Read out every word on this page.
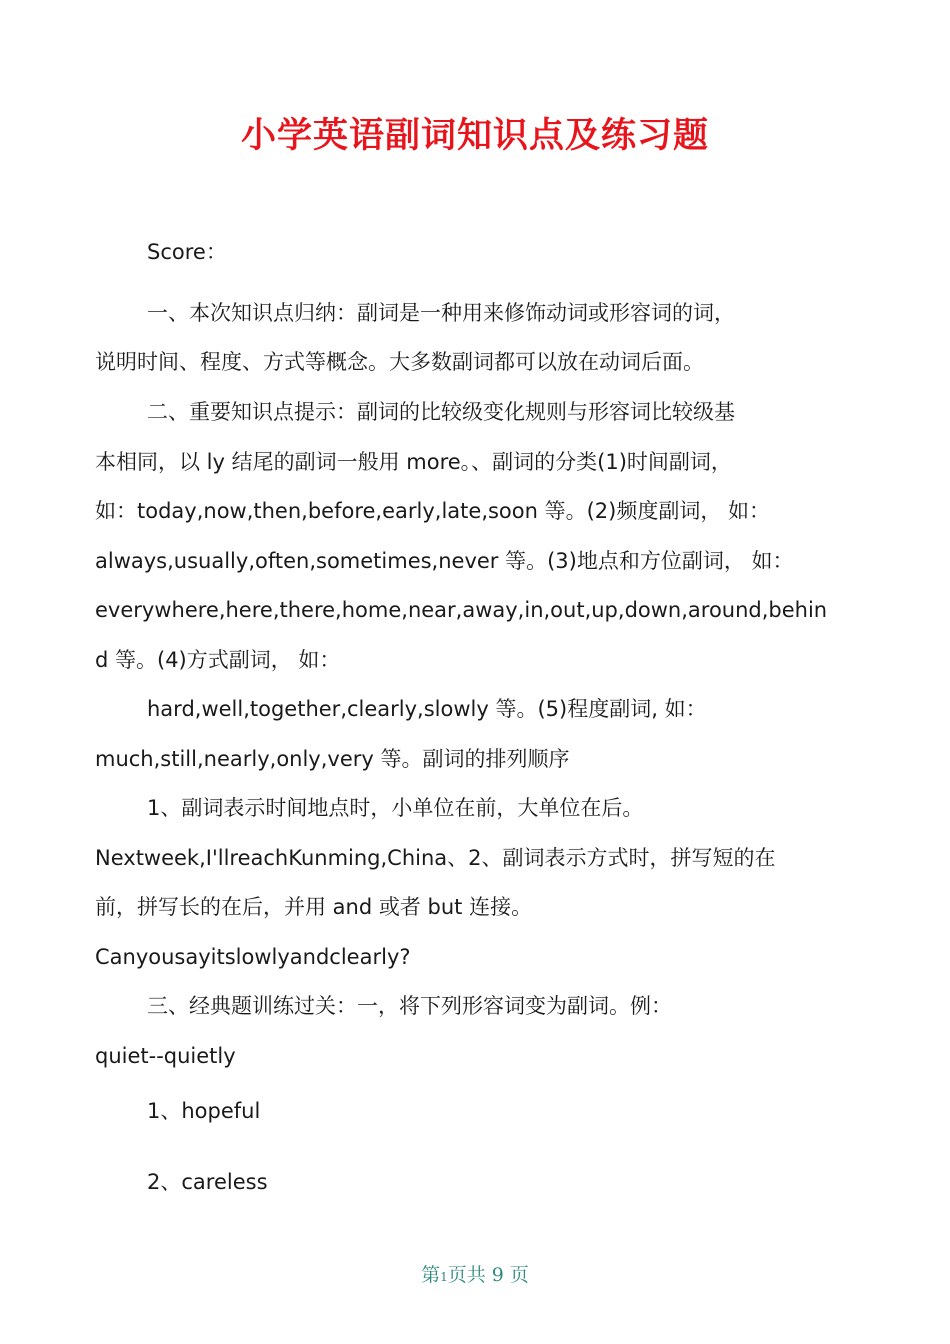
小学英语副词知识点及练习题
Score：
一、本次知识点归纳：副词是一种用来修饰动词或形容词的词，
说明时间、程度、方式等概念。大多数副词都可以放在动词后面。
二、重要知识点提示：副词的比较级变化规则与形容词比较级基
本相同，以 ly 结尾的副词一般用 more。、副词的分类(1)时间副词，
如：today,now,then,before,early,late,soon 等。(2)频度副词， 如：
always,usually,often,sometimes,never 等。(3)地点和方位副词， 如：
everywhere,here,there,home,near,away,in,out,up,down,around,behin
d 等。(4)方式副词， 如：
hard,well,together,clearly,slowly 等。(5)程度副词, 如：
much,still,nearly,only,very 等。副词的排列顺序
1、副词表示时间地点时，小单位在前，大单位在后。
Nextweek,I'llreachKunming,China、2、副词表示方式时，拼写短的在
前，拼写长的在后，并用 and 或者 but 连接。
Canyousayitslowlyandclearly?
三、经典题训练过关：一，将下列形容词变为副词。例：
quiet--quietly
1、hopeful
2、careless
第1页共 9 页
